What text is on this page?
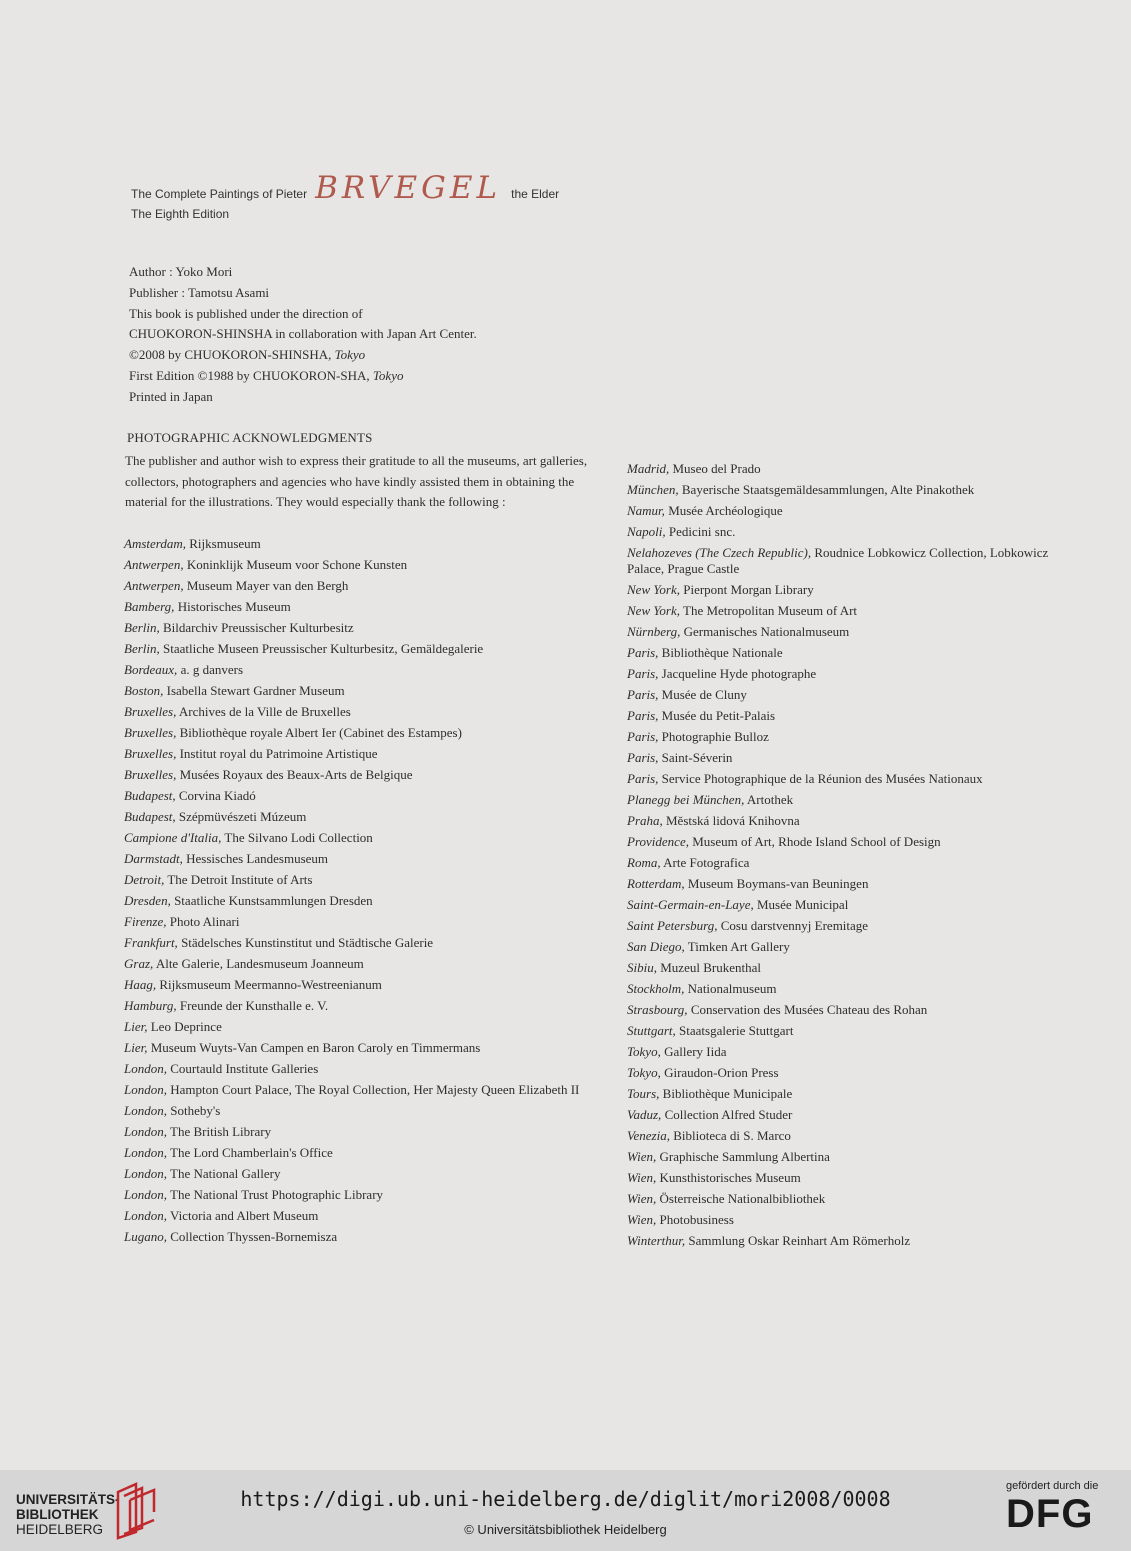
The Complete Paintings of Pieter BRVEGEL the Elder
The Eighth Edition
Author : Yoko Mori
Publisher : Tamotsu Asami
This book is published under the direction of
CHUOKORON-SHINSHA in collaboration with Japan Art Center.
©2008 by CHUOKORON-SHINSHA, Tokyo
First Edition ©1988 by CHUOKORON-SHA, Tokyo
Printed in Japan
PHOTOGRAPHIC ACKNOWLEDGMENTS
The publisher and author wish to express their gratitude to all the museums, art galleries, collectors, photographers and agencies who have kindly assisted them in obtaining the material for the illustrations. They would especially thank the following :
Amsterdam, Rijksmuseum
Antwerpen, Koninklijk Museum voor Schone Kunsten
Antwerpen, Museum Mayer van den Bergh
Bamberg, Historisches Museum
Berlin, Bildarchiv Preussischer Kulturbesitz
Berlin, Staatliche Museen Preussischer Kulturbesitz, Gemäldegalerie
Bordeaux, a. g danvers
Boston, Isabella Stewart Gardner Museum
Bruxelles, Archives de la Ville de Bruxelles
Bruxelles, Bibliothèque royale Albert Ier (Cabinet des Estampes)
Bruxelles, Institut royal du Patrimoine Artistique
Bruxelles, Musées Royaux des Beaux-Arts de Belgique
Budapest, Corvina Kiadó
Budapest, Szépmüvészeti Múzeum
Campione d'Italia, The Silvano Lodi Collection
Darmstadt, Hessisches Landesmuseum
Detroit, The Detroit Institute of Arts
Dresden, Staatliche Kunstsammlungen Dresden
Firenze, Photo Alinari
Frankfurt, Städelsches Kunstinstitut und Städtische Galerie
Graz, Alte Galerie, Landesmuseum Joanneum
Haag, Rijksmuseum Meermanno-Westreenianum
Hamburg, Freunde der Kunsthalle e. V.
Lier, Leo Deprince
Lier, Museum Wuyts-Van Campen en Baron Caroly en Timmermans
London, Courtauld Institute Galleries
London, Hampton Court Palace, The Royal Collection, Her Majesty Queen Elizabeth II
London, Sotheby's
London, The British Library
London, The Lord Chamberlain's Office
London, The National Gallery
London, The National Trust Photographic Library
London, Victoria and Albert Museum
Lugano, Collection Thyssen-Bornemisza
Madrid, Museo del Prado
München, Bayerische Staatsgemäldesammlungen, Alte Pinakothek
Namur, Musée Archéologique
Napoli, Pedicini snc.
Nelahozeves (The Czech Republic), Roudnice Lobkowicz Collection, Lobkowicz Palace, Prague Castle
New York, Pierpont Morgan Library
New York, The Metropolitan Museum of Art
Nürnberg, Germanisches Nationalmuseum
Paris, Bibliothèque Nationale
Paris, Jacqueline Hyde photographe
Paris, Musée de Cluny
Paris, Musée du Petit-Palais
Paris, Photographie Bulloz
Paris, Saint-Séverin
Paris, Service Photographique de la Réunion des Musées Nationaux
Planegg bei München, Artothek
Praha, Městská lidová Knihovna
Providence, Museum of Art, Rhode Island School of Design
Roma, Arte Fotografica
Rotterdam, Museum Boymans-van Beuningen
Saint-Germain-en-Laye, Musée Municipal
Saint Petersburg, Cosu darstvennyj Eremitage
San Diego, Timken Art Gallery
Sibiu, Muzeul Brukenthal
Stockholm, Nationalmuseum
Strasbourg, Conservation des Musées Chateau des Rohan
Stuttgart, Staatsgalerie Stuttgart
Tokyo, Gallery Iida
Tokyo, Giraudon-Orion Press
Tours, Bibliothèque Municipale
Vaduz, Collection Alfred Studer
Venezia, Biblioteca di S. Marco
Wien, Graphische Sammlung Albertina
Wien, Kunsthistorisches Museum
Wien, Österreische Nationalbibliothek
Wien, Photobusiness
Winterthur, Sammlung Oskar Reinhart Am Römerholz
UNIVERSITÄTS-
BIBLIOTHEK
HEIDELBERG
https://digi.ub.uni-heidelberg.de/diglit/mori2008/0008
© Universitätsbibliothek Heidelberg
gefördert durch die
DFG
